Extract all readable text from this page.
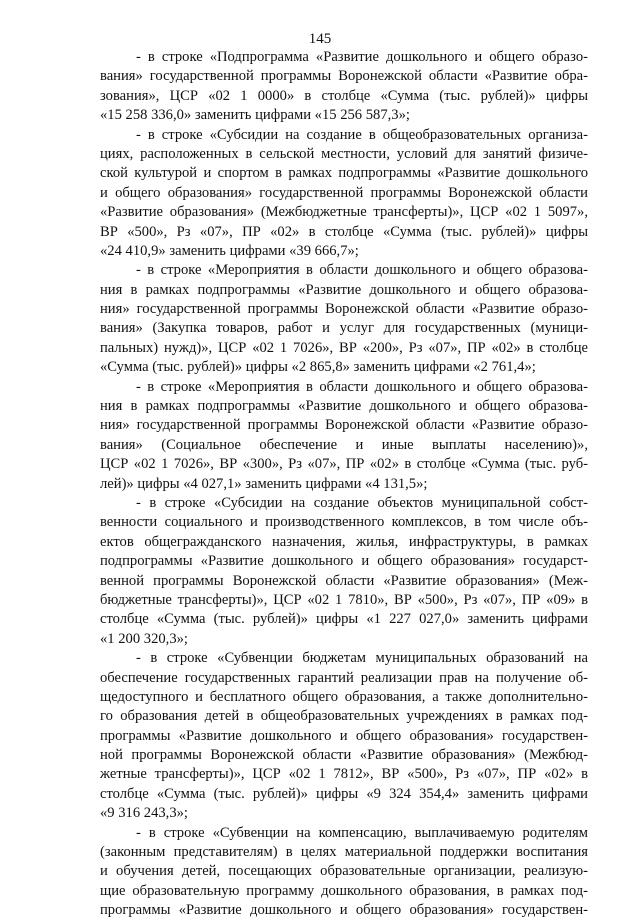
145
- в строке «Подпрограмма «Развитие дошкольного и общего образо-
вания» государственной программы Воронежской области «Развитие обра-
зования», ЦСР «02 1 0000» в столбце «Сумма (тыс. рублей)» цифры
«15 258 336,0» заменить цифрами «15 256 587,3»;
- в строке «Субсидии на создание в общеобразовательных организа-
циях, расположенных в сельской местности, условий для занятий физиче-
ской культурой и спортом в рамках подпрограммы «Развитие дошкольного
и общего образования» государственной программы Воронежской области
«Развитие образования» (Межбюджетные трансферты)», ЦСР «02 1 5097»,
ВР «500», Рз «07», ПР «02» в столбце «Сумма (тыс. рублей)» цифры
«24 410,9» заменить цифрами «39 666,7»;
- в строке «Мероприятия в области дошкольного и общего образова-
ния в рамках подпрограммы «Развитие дошкольного и общего образова-
ния» государственной программы Воронежской области «Развитие образо-
вания» (Закупка товаров, работ и услуг для государственных (муници-
пальных) нужд)», ЦСР «02 1 7026», ВР «200», Рз «07», ПР «02» в столбце
«Сумма (тыс. рублей)» цифры «2 865,8» заменить цифрами «2 761,4»;
- в строке «Мероприятия в области дошкольного и общего образова-
ния в рамках подпрограммы «Развитие дошкольного и общего образова-
ния» государственной программы Воронежской области «Развитие образо-
вания» (Социальное обеспечение и иные выплаты населению)»,
ЦСР «02 1 7026», ВР «300», Рз «07», ПР «02» в столбце «Сумма (тыс. руб-
лей)» цифры «4 027,1» заменить цифрами «4 131,5»;
- в строке «Субсидии на создание объектов муниципальной собст-
венности социального и производственного комплексов, в том числе объ-
ектов общегражданского назначения, жилья, инфраструктуры, в рамках
подпрограммы «Развитие дошкольного и общего образования» государст-
венной программы Воронежской области «Развитие образования» (Меж-
бюджетные трансферты)», ЦСР «02 1 7810», ВР «500», Рз «07», ПР «09» в
столбце «Сумма (тыс. рублей)» цифры «1 227 027,0» заменить цифрами
«1 200 320,3»;
- в строке «Субвенции бюджетам муниципальных образований на
обеспечение государственных гарантий реализации прав на получение об-
щедоступного и бесплатного общего образования, а также дополнительно-
го образования детей в общеобразовательных учреждениях в рамках под-
программы «Развитие дошкольного и общего образования» государствен-
ной программы Воронежской области «Развитие образования» (Межбюд-
жетные трансферты)», ЦСР «02 1 7812», ВР «500», Рз «07», ПР «02» в
столбце «Сумма (тыс. рублей)» цифры «9 324 354,4» заменить цифрами
«9 316 243,3»;
- в строке «Субвенции на компенсацию, выплачиваемую родителям
(законным представителям) в целях материальной поддержки воспитания
и обучения детей, посещающих образовательные организации, реализую-
щие образовательную программу дошкольного образования, в рамках под-
программы «Развитие дошкольного и общего образования» государствен-
